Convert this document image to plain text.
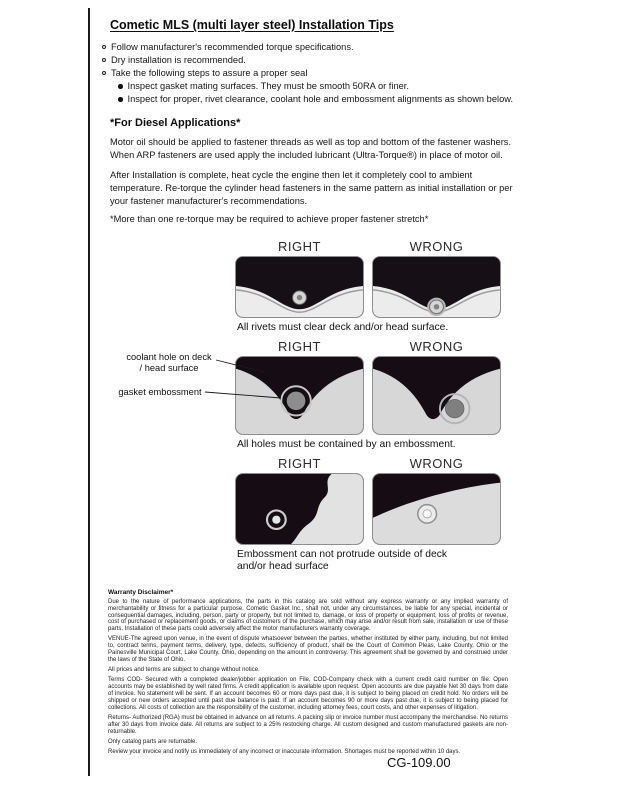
Cometic MLS (multi layer steel) Installation Tips
Follow manufacturer's recommended torque specifications.
Dry installation is recommended.
Take the following steps to assure a proper seal
Inspect gasket mating surfaces. They must be smooth 50RA or finer.
Inspect for proper, rivet clearance, coolant hole and embossment alignments as shown below.
*For Diesel Applications*

Motor oil should be applied to fastener threads as well as top and bottom of the fastener washers. When ARP fasteners are used apply the included lubricant (Ultra-Torque®) in place of motor oil.

After Installation is complete, heat cycle the engine then let it completely cool to ambient temperature. Re-torque the cylinder head fasteners in the same pattern as initial installation or per your fastener manufacturer's recommendations.

*More than one re-torque may be required to achieve proper fastener stretch*

RIGHT	WRONG
All rivets must clear deck and/or head surface.
coolant hole on deck / head surface
gasket embossment
RIGHT	WRONG
All holes must be contained by an embossment.
RIGHT	WRONG
Embossment can not protrude outside of deck and/or head surface
Warranty Disclaimer*

Due to the nature of performance applications, the parts in this catalog are sold without any express warranty or any implied warranty of merchantability or fitness for a particular purpose. Cometic Gasket Inc., shall not, under any circumstances, be liable for any special, incidental or consequential damages, including, person, party or property, but not limited to, damage, or loss of property or equipment, loss of profits or revenue, cost of purchased or replacement goods, or claims of customers of the purchase, which may arise and/or result from sale, installation or use of these parts. Installation of these parts could adversely affect the motor manufacturers warranty coverage.

VENUE-The agreed upon venue, in the event of dispute whatsoever between the parties, whether instituted by either party, including, but not limited to, contract terms, payment terms, delivery, type, defects, sufficiency of product, shall be the Court of Common Pleas, Lake County, Ohio or the Painesville Municipal Court, Lake County, Ohio, depending on the amount in controversy. This agreement shall be governed by and construed under the laws of the State of Ohio.

All prices and terms are subject to change without notice.

Terms COD- Secured with a completed dealer/jobber application on File, COD-Company check with a current credit card number on file. Open accounts may be established by well rated firms. A credit application is available upon request. Open accounts are due payable Net 30 days from date of invoice. No statement will be sent. If an account becomes 60 or more days past due, it is subject to being placed on credit hold. No orders will be shipped or new orders accepted until past due balance is paid. If an account becomes 90 or more days past due, it is subject to being placed for collections. All costs of collection are the responsibility of the customer, including attorney fees, court costs, and other expenses of litigation.

Returns- Authorized (RGA) must be obtained in advance on all returns. A packing slip or invoice number must accompany the merchandise. No returns after 30 days from invoice date. All returns are subject to a 25% restocking charge. All custom designed and custom manufactured gaskets are non-returnable.

Only catalog parts are returnable.

Review your invoice and notify us immediately of any incorrect or inaccurate information. Shortages must be reported within 10 days.

CG-109.00
